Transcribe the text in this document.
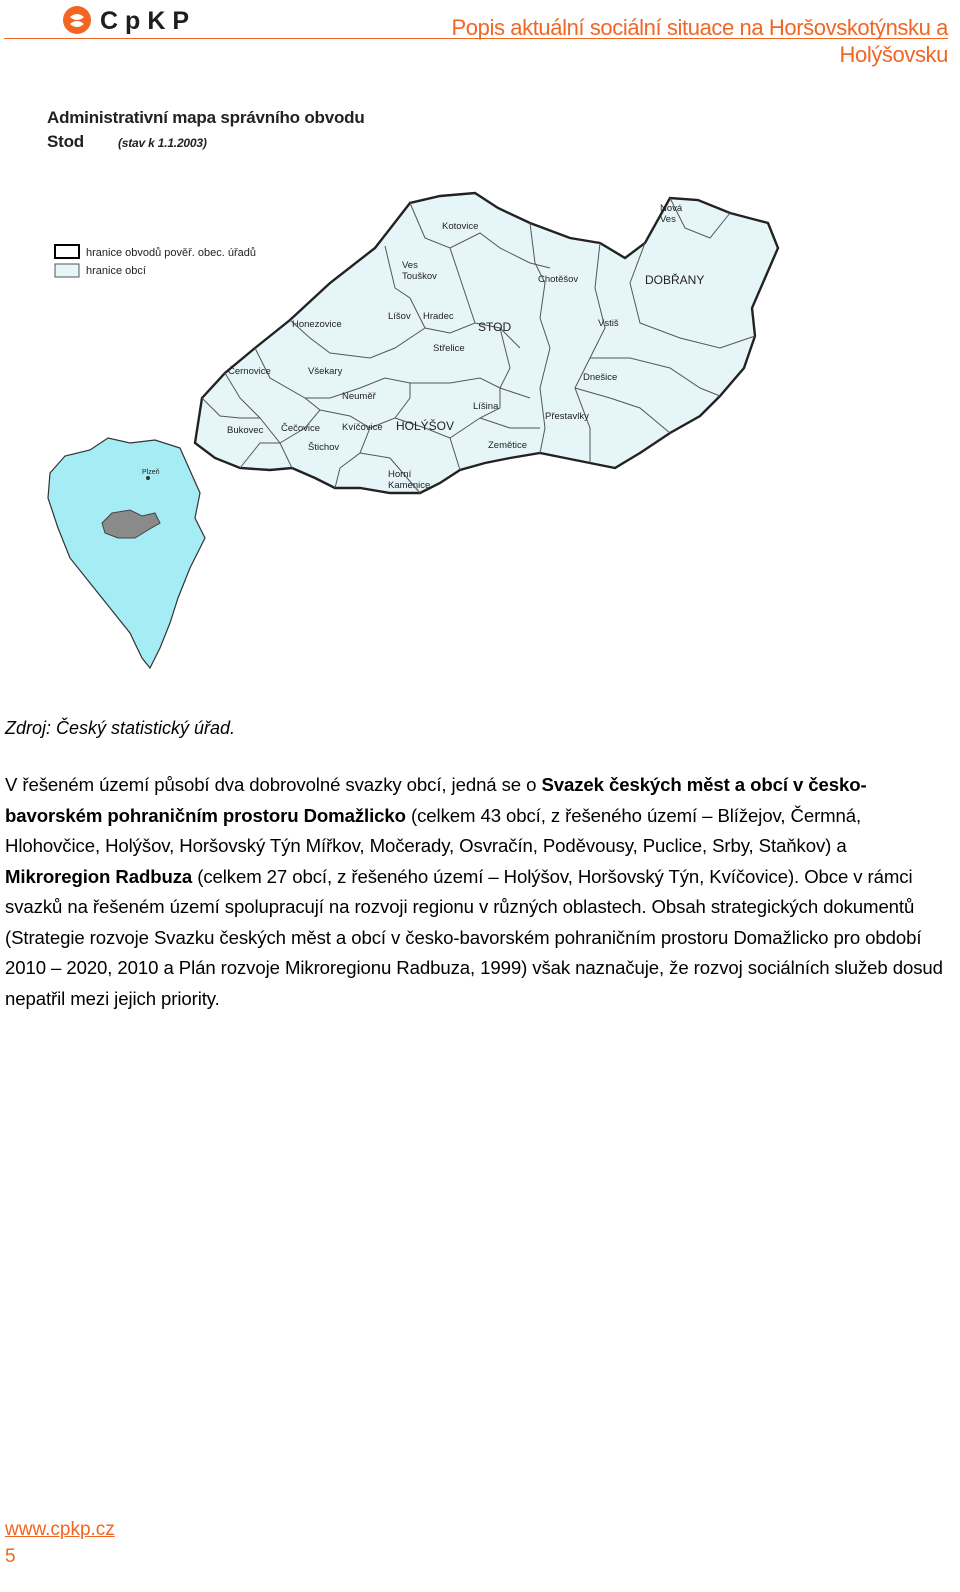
CpKP	Popis aktuální sociální situace na Horšovskotýnsku a Holýšovsku
Administrativní mapa správního obvodu
Stod	(stav k 1.1.2003)
hranice obvodů pověř. obec. úřadů
hranice obcí
Plzeň
Kotovice
Nová
Ves
Ves
Touškov	Chotěšov	DOBŘANY
Honezovice
Líšov Hradec
STOD	Vstiš
Střelice
Černovice	Všekary
Dnešice
Neuměř
Líšina
Přestavlky
Bukovec Čečovice Kvíčovice HOLÝŠOV
Zemětice
Štichov
Horní
Kamenice
Zdroj: Český statistický úřad.

V řešeném území působí dva dobrovolné svazky obcí, jedná se o Svazek českých měst a obcí v česko-bavorském pohraničním prostoru Domažlicko (celkem 43 obcí, z řešeného území – Blížejov, Čermná, Hlohovčice, Holýšov, Horšovský Týn Mířkov, Močerady, Osvračín, Poděvousy, Puclice, Srby, Staňkov) a Mikroregion Radbuza (celkem 27 obcí, z řešeného území – Holýšov, Horšovský Týn, Kvíčovice). Obce v rámci svazků na řešeném území spolupracují na rozvoji regionu v různých oblastech. Obsah strategických dokumentů (Strategie rozvoje Svazku českých měst a obcí v česko-bavorském pohraničním prostoru Domažlicko pro období 2010 – 2020, 2010 a Plán rozvoje Mikroregionu Radbuza, 1999) však naznačuje, že rozvoj sociálních služeb dosud nepatřil mezi jejich priority.

www.cpkp.cz
5
